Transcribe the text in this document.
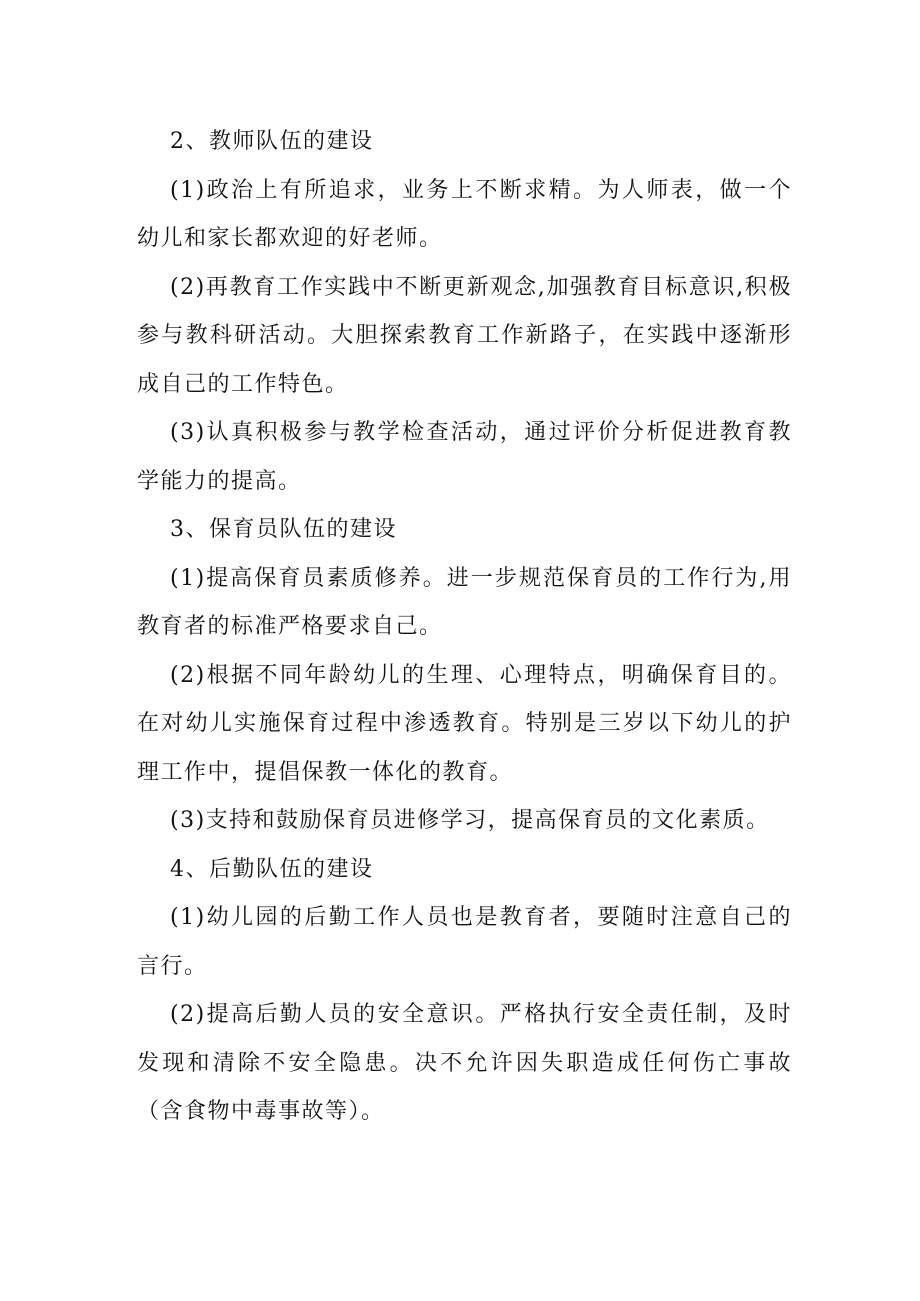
2、教师队伍的建设

(1)政治上有所追求，业务上不断求精。为人师表，做一个幼儿和家长都欢迎的好老师。

(2)再教育工作实践中不断更新观念,加强教育目标意识,积极参与教科研活动。大胆探索教育工作新路子，在实践中逐渐形成自己的工作特色。

(3)认真积极参与教学检查活动，通过评价分析促进教育教学能力的提高。

3、保育员队伍的建设

(1)提高保育员素质修养。进一步规范保育员的工作行为,用教育者的标准严格要求自己。

(2)根据不同年龄幼儿的生理、心理特点，明确保育目的。在对幼儿实施保育过程中渗透教育。特别是三岁以下幼儿的护理工作中，提倡保教一体化的教育。

(3)支持和鼓励保育员进修学习，提高保育员的文化素质。

4、后勤队伍的建设

(1)幼儿园的后勤工作人员也是教育者，要随时注意自己的言行。

(2)提高后勤人员的安全意识。严格执行安全责任制，及时发现和清除不安全隐患。决不允许因失职造成任何伤亡事故（含食物中毒事故等）。
